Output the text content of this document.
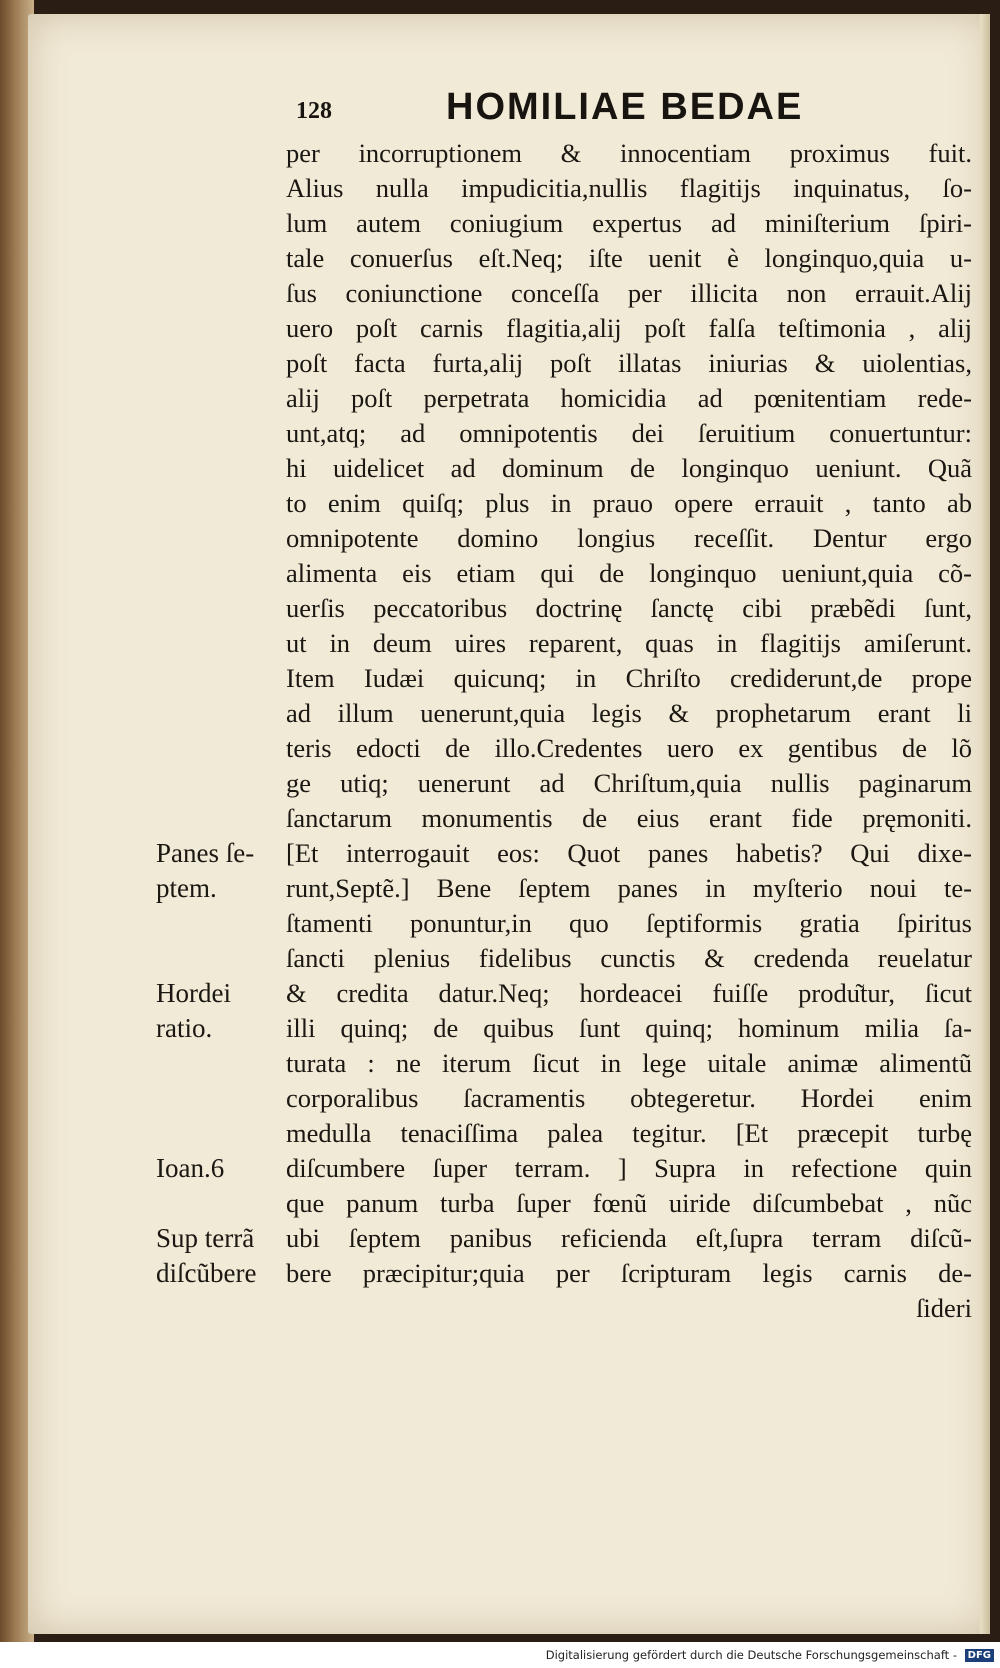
128	HOMILIAE BEDAE
per incorruptionem & innocentiam proximus fuit.
Alius nulla impudicitia,nullis flagitijs inquinatus, ſo-
lum autem coniugium expertus ad miniſterium ſpiri-
tale conuerſus eſt.Neq; iſte uenit è longinquo,quia u-
ſus coniunctione conceſſa per illicita non errauit.Alij
uero poſt carnis flagitia,alij poſt falſa teſtimonia , alij
poſt facta furta,alij poſt illatas iniurias & uiolentias,
alij poſt perpetrata homicidia ad pœnitentiam rede-
unt,atq; ad omnipotentis dei ſeruitium conuertuntur:
hi uidelicet ad dominum de longinquo ueniunt. Quã
to enim quiſq; plus in prauo opere errauit , tanto ab
omnipotente domino longius receſſit. Dentur ergo
alimenta eis etiam qui de longinquo ueniunt,quia cõ-
uerſis peccatoribus doctrinę ſanctę cibi præbẽdi ſunt,
ut in deum uires reparent, quas in flagitijs amiſerunt.
Item Iudæi quicunq; in Chriſto crediderunt,de prope
ad illum uenerunt,quia legis & prophetarum erant li
teris edocti de illo.Credentes uero ex gentibus de lõ
ge utiq; uenerunt ad Chriſtum,quia nullis paginarum
ſanctarum monumentis de eius erant fide pręmoniti.
[Et interrogauit eos: Quot panes habetis? Qui dixe-
runt,Septẽ.] Bene ſeptem panes in myſterio noui te-
ſtamenti ponuntur,in quo ſeptiformis gratia ſpiritus
ſancti plenius fidelibus cunctis & credenda reuelatur
& credita datur.Neq; hordeacei fuiſſe produ͂tur, ſicut
illi quinq; de quibus ſunt quinq; hominum milia ſa-
turata : ne iterum ſicut in lege uitale animæ alimentũ
corporalibus ſacramentis obtegeretur. Hordei enim
medulla tenaciſſima palea tegitur. [Et præcepit turbę
diſcumbere ſuper terram. ] Supra in refectione quin
que panum turba ſuper fœnũ uiride diſcumbebat , nũc
ubi ſeptem panibus reficienda eſt,ſupra terram diſcũ-
bere præcipitur;quia per ſcripturam legis carnis de-
ſideri
Panes ſe-
ptem.
Hordei
ratio.
Ioan.6
Sup terrã
diſcũbere
Digitalisierung gefördert durch die Deutsche Forschungsgemeinschaft - DFG
